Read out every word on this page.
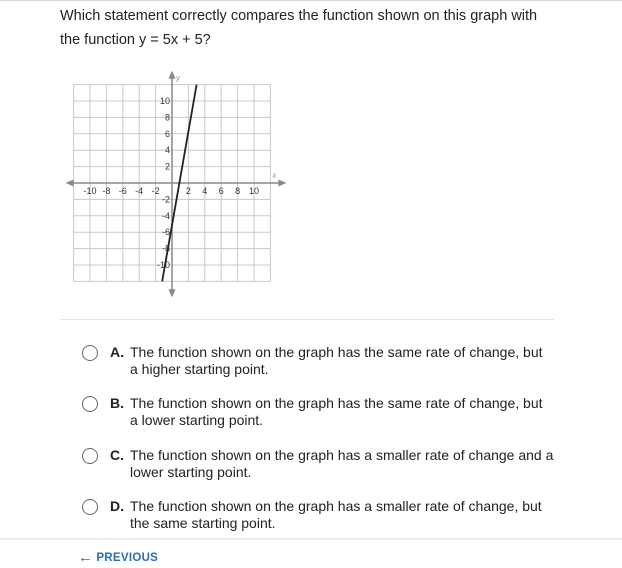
Which statement correctly compares the function shown on this graph with
the function y = 5x + 5?
x
y
-10 -8 -6 -4 -2	2 4 6 8 10
10
8
6
4
2
-2
-4
-6
-8
-10
A. The function shown on the graph has the same rate of change, but a higher starting point.
B. The function shown on the graph has the same rate of change, but a lower starting point.
C. The function shown on the graph has a smaller rate of change and a lower starting point.
D. The function shown on the graph has a smaller rate of change, but the same starting point.
← PREVIOUS
